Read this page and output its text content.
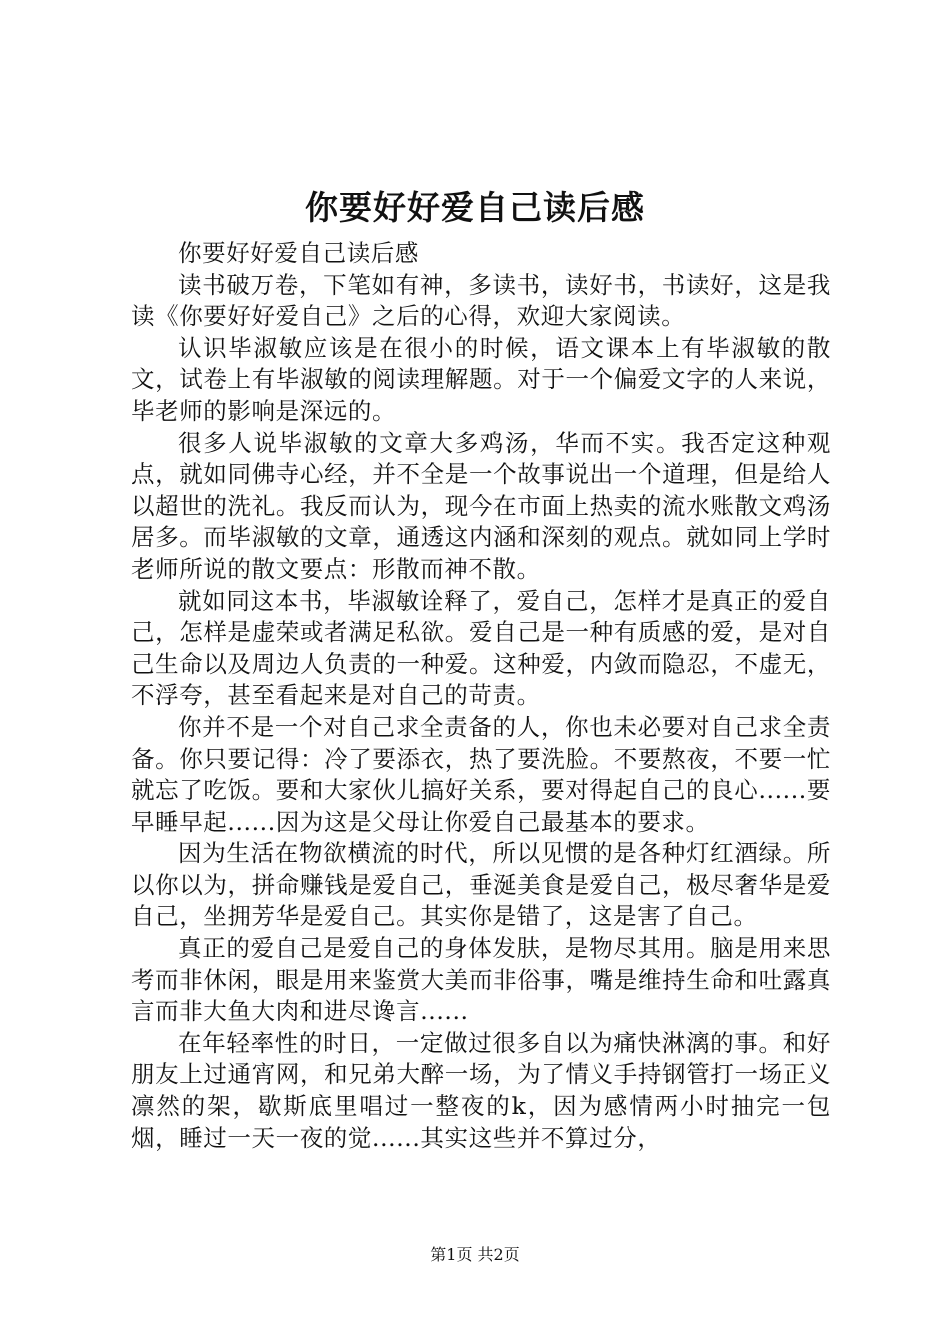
你要好好爱自己读后感

你要好好爱自己读后感

读书破万卷，下笔如有神，多读书，读好书，书读好，这是我读《你要好好爱自己》之后的心得，欢迎大家阅读。

认识毕淑敏应该是在很小的时候，语文课本上有毕淑敏的散文，试卷上有毕淑敏的阅读理解题。对于一个偏爱文字的人来说，毕老师的影响是深远的。

很多人说毕淑敏的文章大多鸡汤，华而不实。我否定这种观点，就如同佛寺心经，并不全是一个故事说出一个道理，但是给人以超世的洗礼。我反而认为，现今在市面上热卖的流水账散文鸡汤居多。而毕淑敏的文章，通透这内涵和深刻的观点。就如同上学时老师所说的散文要点：形散而神不散。

就如同这本书，毕淑敏诠释了，爱自己，怎样才是真正的爱自己，怎样是虚荣或者满足私欲。爱自己是一种有质感的爱，是对自己生命以及周边人负责的一种爱。这种爱，内敛而隐忍，不虚无，不浮夸，甚至看起来是对自己的苛责。

你并不是一个对自己求全责备的人，你也未必要对自己求全责备。你只要记得：冷了要添衣，热了要洗脸。不要熬夜，不要一忙就忘了吃饭。要和大家伙儿搞好关系，要对得起自己的良心......要早睡早起......因为这是父母让你爱自己最基本的要求。

因为生活在物欲横流的时代，所以见惯的是各种灯红酒绿。所以你以为，拼命赚钱是爱自己，垂涎美食是爱自己，极尽奢华是爱自己，坐拥芳华是爱自己。其实你是错了，这是害了自己。

真正的爱自己是爱自己的身体发肤，是物尽其用。脑是用来思考而非休闲，眼是用来鉴赏大美而非俗事，嘴是维持生命和吐露真言而非大鱼大肉和进尽谗言......

在年轻率性的时日，一定做过很多自以为痛快淋漓的事。和好朋友上过通宵网，和兄弟大醉一场，为了情义手持钢管打一场正义凛然的架，歇斯底里唱过一整夜的k，因为感情两小时抽完一包烟，睡过一天一夜的觉......其实这些并不算过分，

第1页 共2页
